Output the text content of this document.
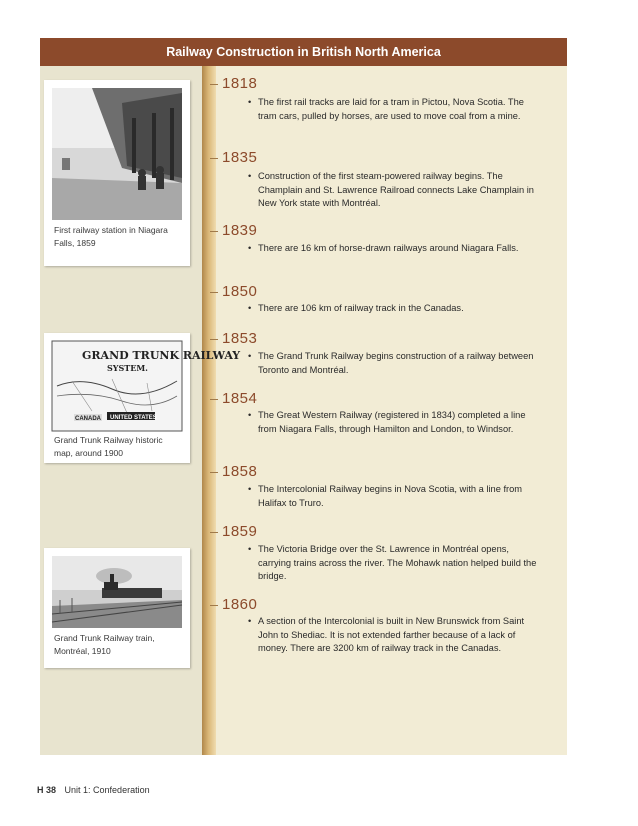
Railway Construction in British North America
First railway station in Niagara Falls, 1859
GRAND TRUNK RAILWAY
SYSTEM.
CANADA UNITED STATES
Grand Trunk Railway historic map, around 1900
Grand Trunk Railway train, Montréal, 1910
1818
• The first rail tracks are laid for a tram in Pictou, Nova Scotia. The tram cars, pulled by horses, are used to move coal from a mine.
1835
• Construction of the first steam-powered railway begins. The Champlain and St. Lawrence Railroad connects Lake Champlain in New York state with Montréal.
1839
• There are 16 km of horse-drawn railways around Niagara Falls.
1850
• There are 106 km of railway track in the Canadas.
1853
• The Grand Trunk Railway begins construction of a railway between Toronto and Montréal.
1854
• The Great Western Railway (registered in 1834) completed a line from Niagara Falls, through Hamilton and London, to Windsor.
1858
• The Intercolonial Railway begins in Nova Scotia, with a line from Halifax to Truro.
1859
• The Victoria Bridge over the St. Lawrence in Montréal opens, carrying trains across the river. The Mohawk nation helped build the bridge.
1860
• A section of the Intercolonial is built in New Brunswick from Saint John to Shediac. It is not extended farther because of a lack of money. There are 3200 km of railway track in the Canadas.
H 38 Unit 1: Confederation
